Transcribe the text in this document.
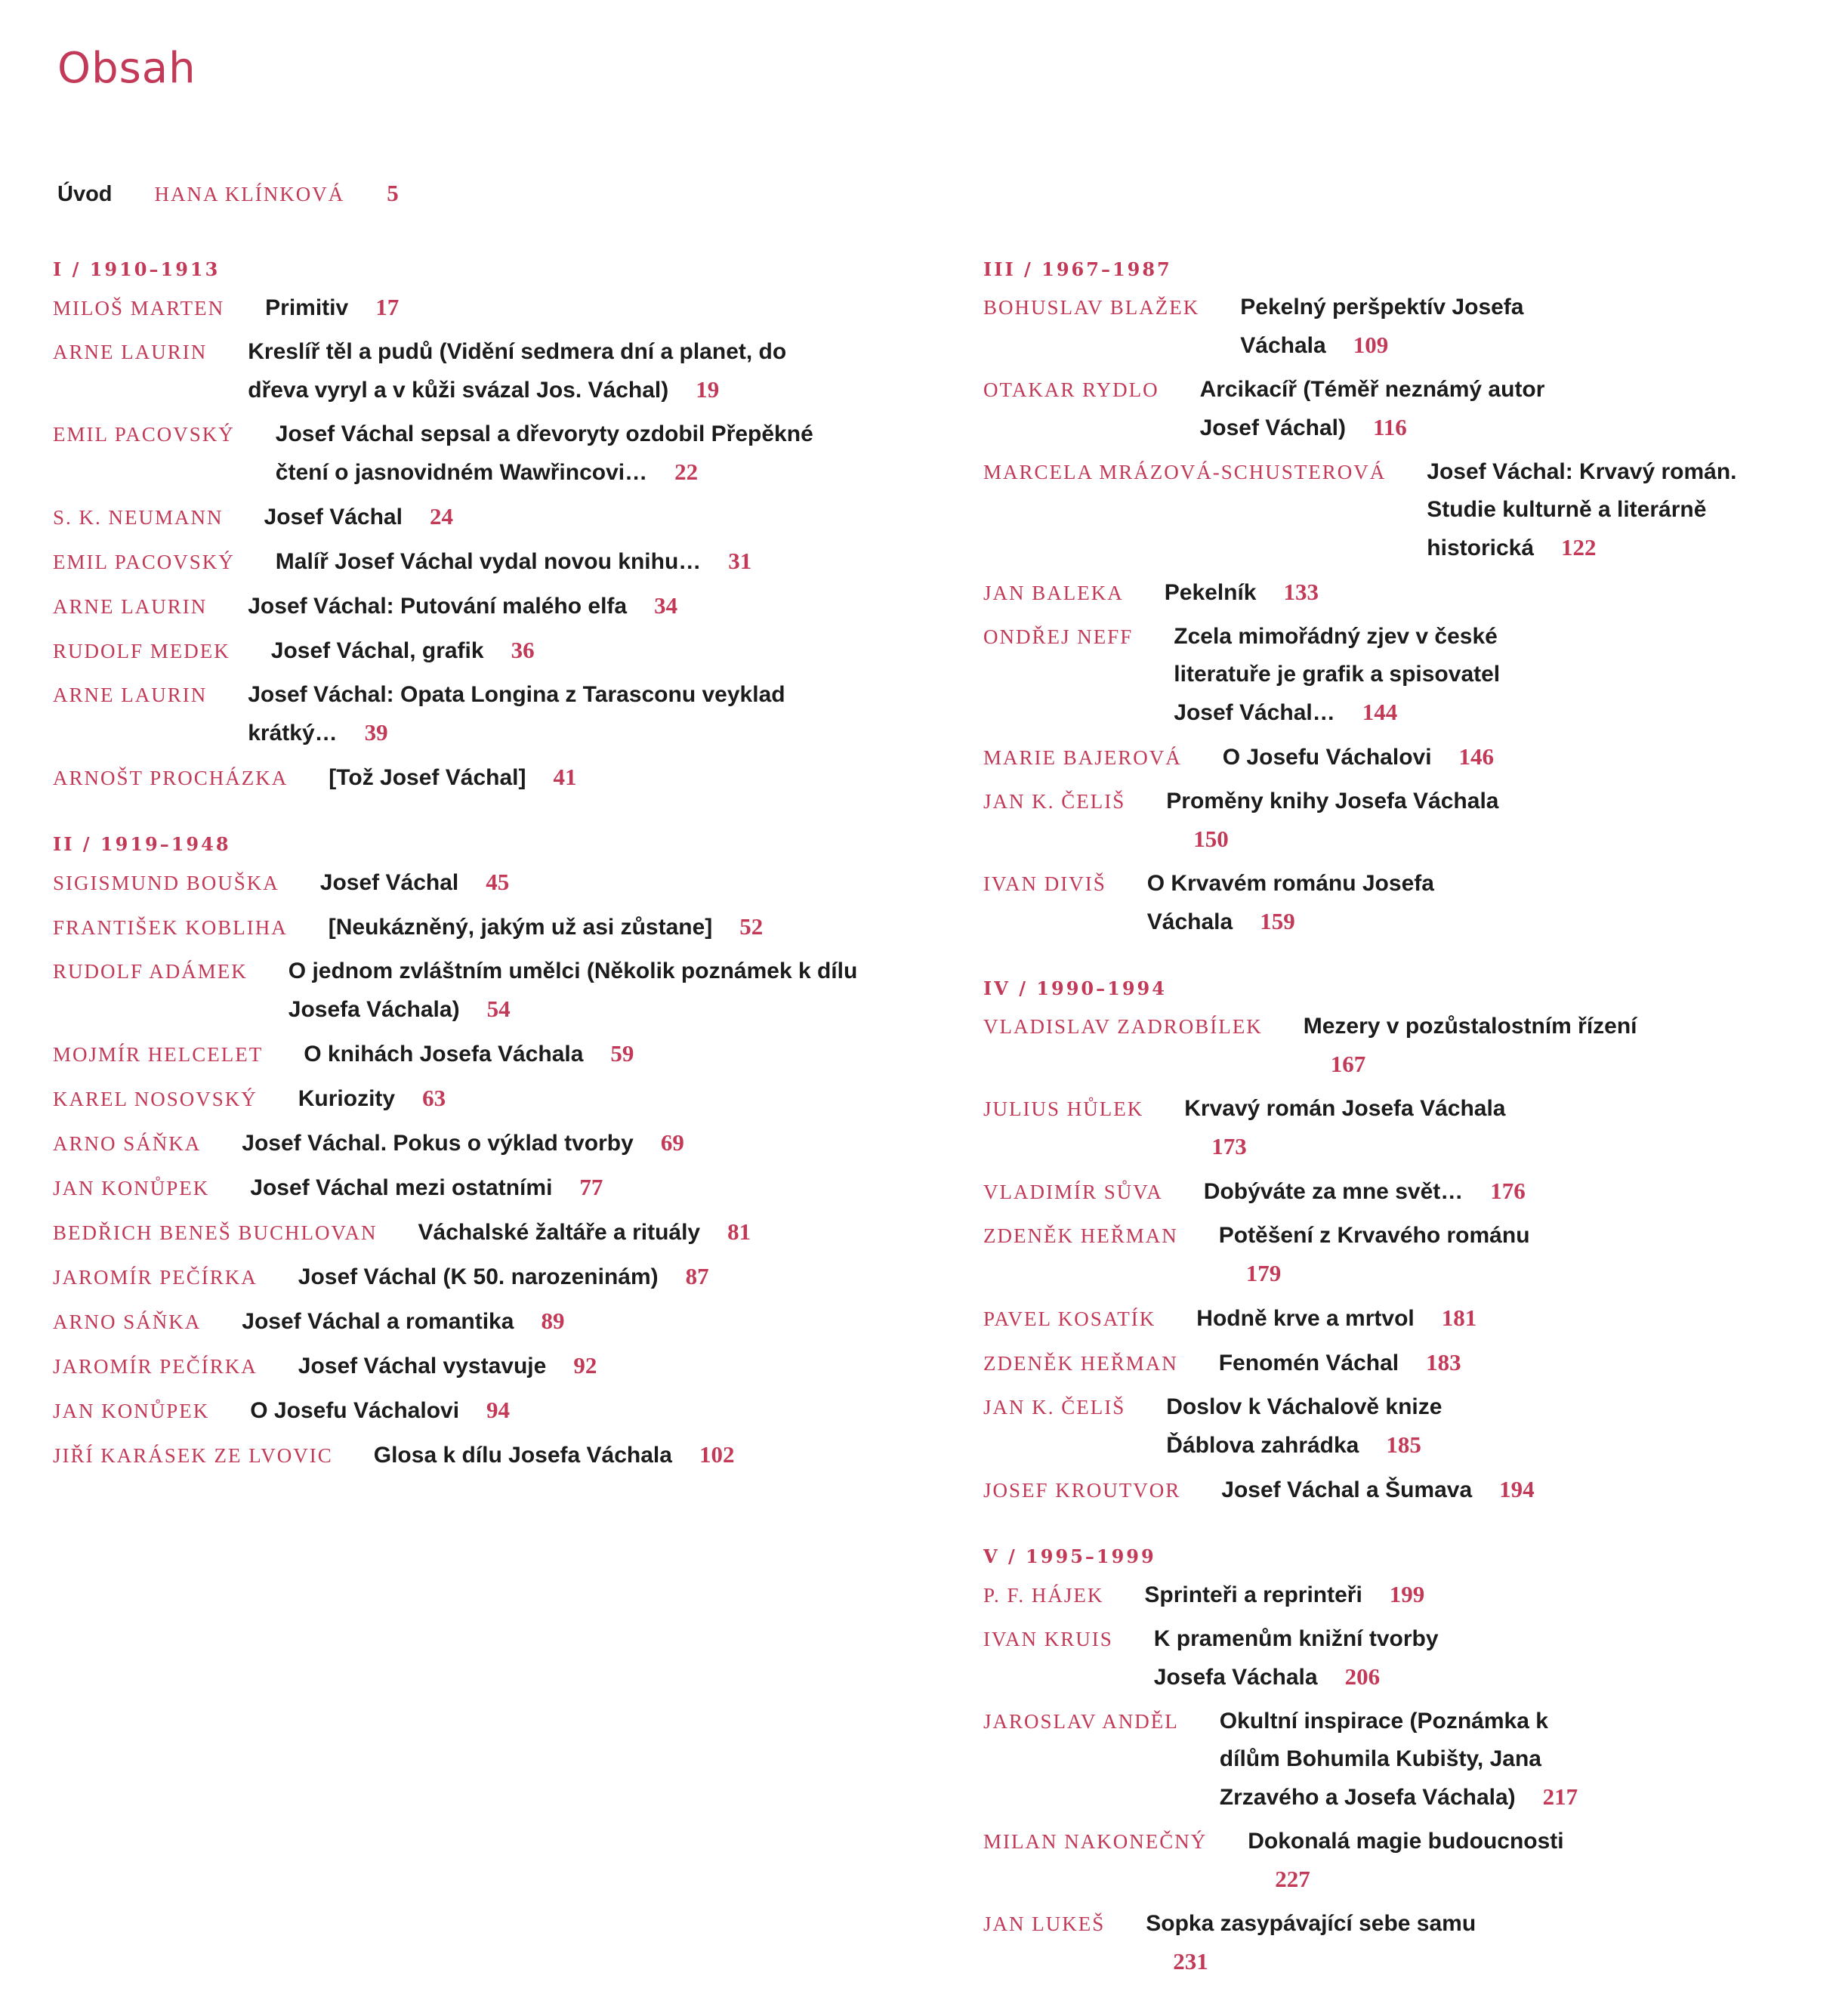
Obsah
Úvod HANA KLÍNKOVÁ 5
I / 1910–1913
MILOŠ MARTEN Primitiv 17
ARNE LAURIN Kreslíř těl a pudů (Vidění sedmera dní a planet, do dřeva vyryl a v kůži svázal Jos. Váchal) 19
EMIL PACOVSKÝ Josef Váchal sepsal a dřevoryty ozdobil Přepěkné čtení o jasnovidném Wawřincovi… 22
S. K. NEUMANN Josef Váchal 24
EMIL PACOVSKÝ Malíř Josef Váchal vydal novou knihu… 31
ARNE LAURIN Josef Váchal: Putování malého elfa 34
RUDOLF MEDEK Josef Váchal, grafik 36
ARNE LAURIN Josef Váchal: Opata Longina z Tarasconu veyklad krátký… 39
ARNOŠT PROCHÁZKA [Tož Josef Váchal] 41
II / 1919–1948
SIGISMUND BOUŠKA Josef Váchal 45
FRANTIŠEK KOBLIHA [Neukázněný, jakým už asi zůstane] 52
RUDOLF ADÁMEK O jednom zvláštním umělci (Několik poznámek k dílu Josefa Váchala) 54
MOJMÍR HELCELET O knihách Josefa Váchala 59
KAREL NOSOVSKÝ Kuriozity 63
ARNO SÁŇKA Josef Váchal. Pokus o výklad tvorby 69
JAN KONŮPEK Josef Váchal mezi ostatními 77
BEDŘICH BENEŠ BUCHLOVAN Váchalské žaltáře a rituály 81
JAROMÍR PEČÍRKA Josef Váchal (K 50. narozeninám) 87
ARNO SÁŇKA Josef Váchal a romantika 89
JAROMÍR PEČÍRKA Josef Váchal vystavuje 92
JAN KONŮPEK O Josefu Váchalovi 94
JIŘÍ KARÁSEK ZE LVOVIC Glosa k dílu Josefa Váchala 102
III / 1967–1987
BOHUSLAV BLAŽEK Pekelný peršpektív Josefa Váchala 109
OTAKAR RYDLO Arcikacíř (Téměř neznámý autor Josef Váchal) 116
MARCELA MRÁZOVÁ-SCHUSTEROVÁ Josef Váchal: Krvavý román. Studie kulturně a literárně historická 122
JAN BALEKA Pekelník 133
ONDŘEJ NEFF Zcela mimořádný zjev v české literatuře je grafik a spisovatel Josef Váchal… 144
MARIE BAJEROVÁ O Josefu Váchalovi 146
JAN K. ČELIŠ Proměny knihy Josefa Váchala150
IVAN DIVIŠ O Krvavém románu Josefa Váchala 159
IV / 1990–1994
VLADISLAV ZADROBÍLEK Mezery v pozůstalostním řízení167
JULIUS HŮLEK Krvavý román Josefa Váchala173
VLADIMÍR SŮVA Dobýváte za mne svět… 176
ZDENĚK HEŘMAN Potěšení z Krvavého románu179
PAVEL KOSATÍK Hodně krve a mrtvol 181
ZDENĚK HEŘMAN Fenomén Váchal 183
JAN K. ČELIŠ Doslov k Váchalově knize Ďáblova zahrádka 185
JOSEF KROUTVOR Josef Váchal a Šumava 194
V / 1995–1999
P. F. HÁJEK Sprinteři a reprinteři 199
IVAN KRUIS K pramenům knižní tvorby Josefa Váchala 206
JAROSLAV ANDĚL Okultní inspirace (Poznámka k dílům Bohumila Kubišty, Jana Zrzavého a Josefa Váchala) 217
MILAN NAKONEČNÝ Dokonalá magie budoucnosti227
JAN LUKEŠ Sopka zasypávající sebe samu231
